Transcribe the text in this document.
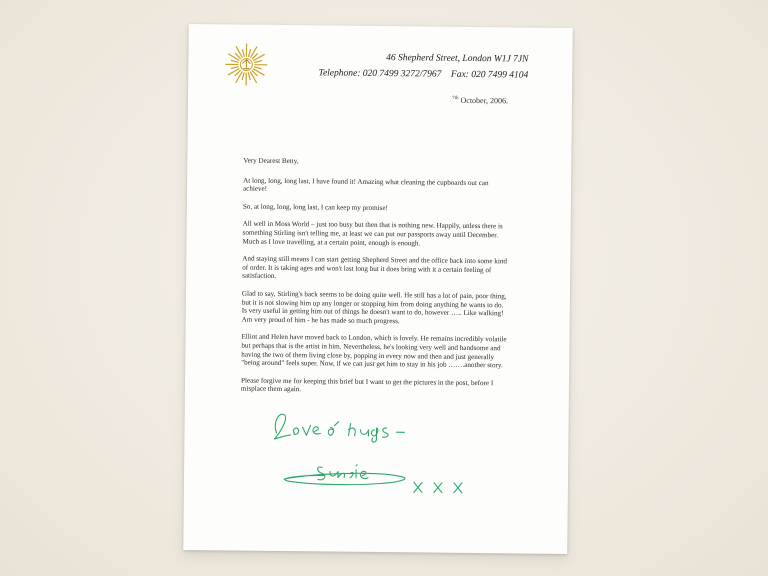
46 Shepherd Street, London W1J 7JN
Telephone: 020 7499 3272/7967 Fax: 020 7499 4104
$^{7th}$ October, 2006.

Very Dearest Betty,

At long, long, long last, I have found it! Amazing what cleaning the cupboards out can achieve!

So, at long, long, long last, I can keep my promise!

All well in Moss World – just too busy but then that is nothing new. Happily, unless there is something Stirling isn't telling me, at least we can put our passports away until December. Much as I love travelling, at a certain point, enough is enough.

And staying still means I can start getting Shepherd Street and the office back into some kind of order. It is taking ages and won't last long but it does bring with it a certain feeling of satisfaction.

Glad to say, Stirling's back seems to be doing quite well. He still has a lot of pain, poor thing, but it is not slowing him up any longer or stopping him from doing anything he wants to do. Is very useful in getting him out of things he doesn't want to do, however ….. Like walking! Am very proud of him - he has made so much progress.

Elliot and Helen have moved back to London, which is lovely. He remains incredibly volatile but perhaps that is the artist in him. Nevertheless, he's looking very well and handsome and having the two of them living close by, popping in every now and then and just generally "being around" feels super. Now, if we can just get him to stay in his job …….another story.

Please forgive me for keeping this brief but I want to get the pictures in the post, before I misplace them again.
